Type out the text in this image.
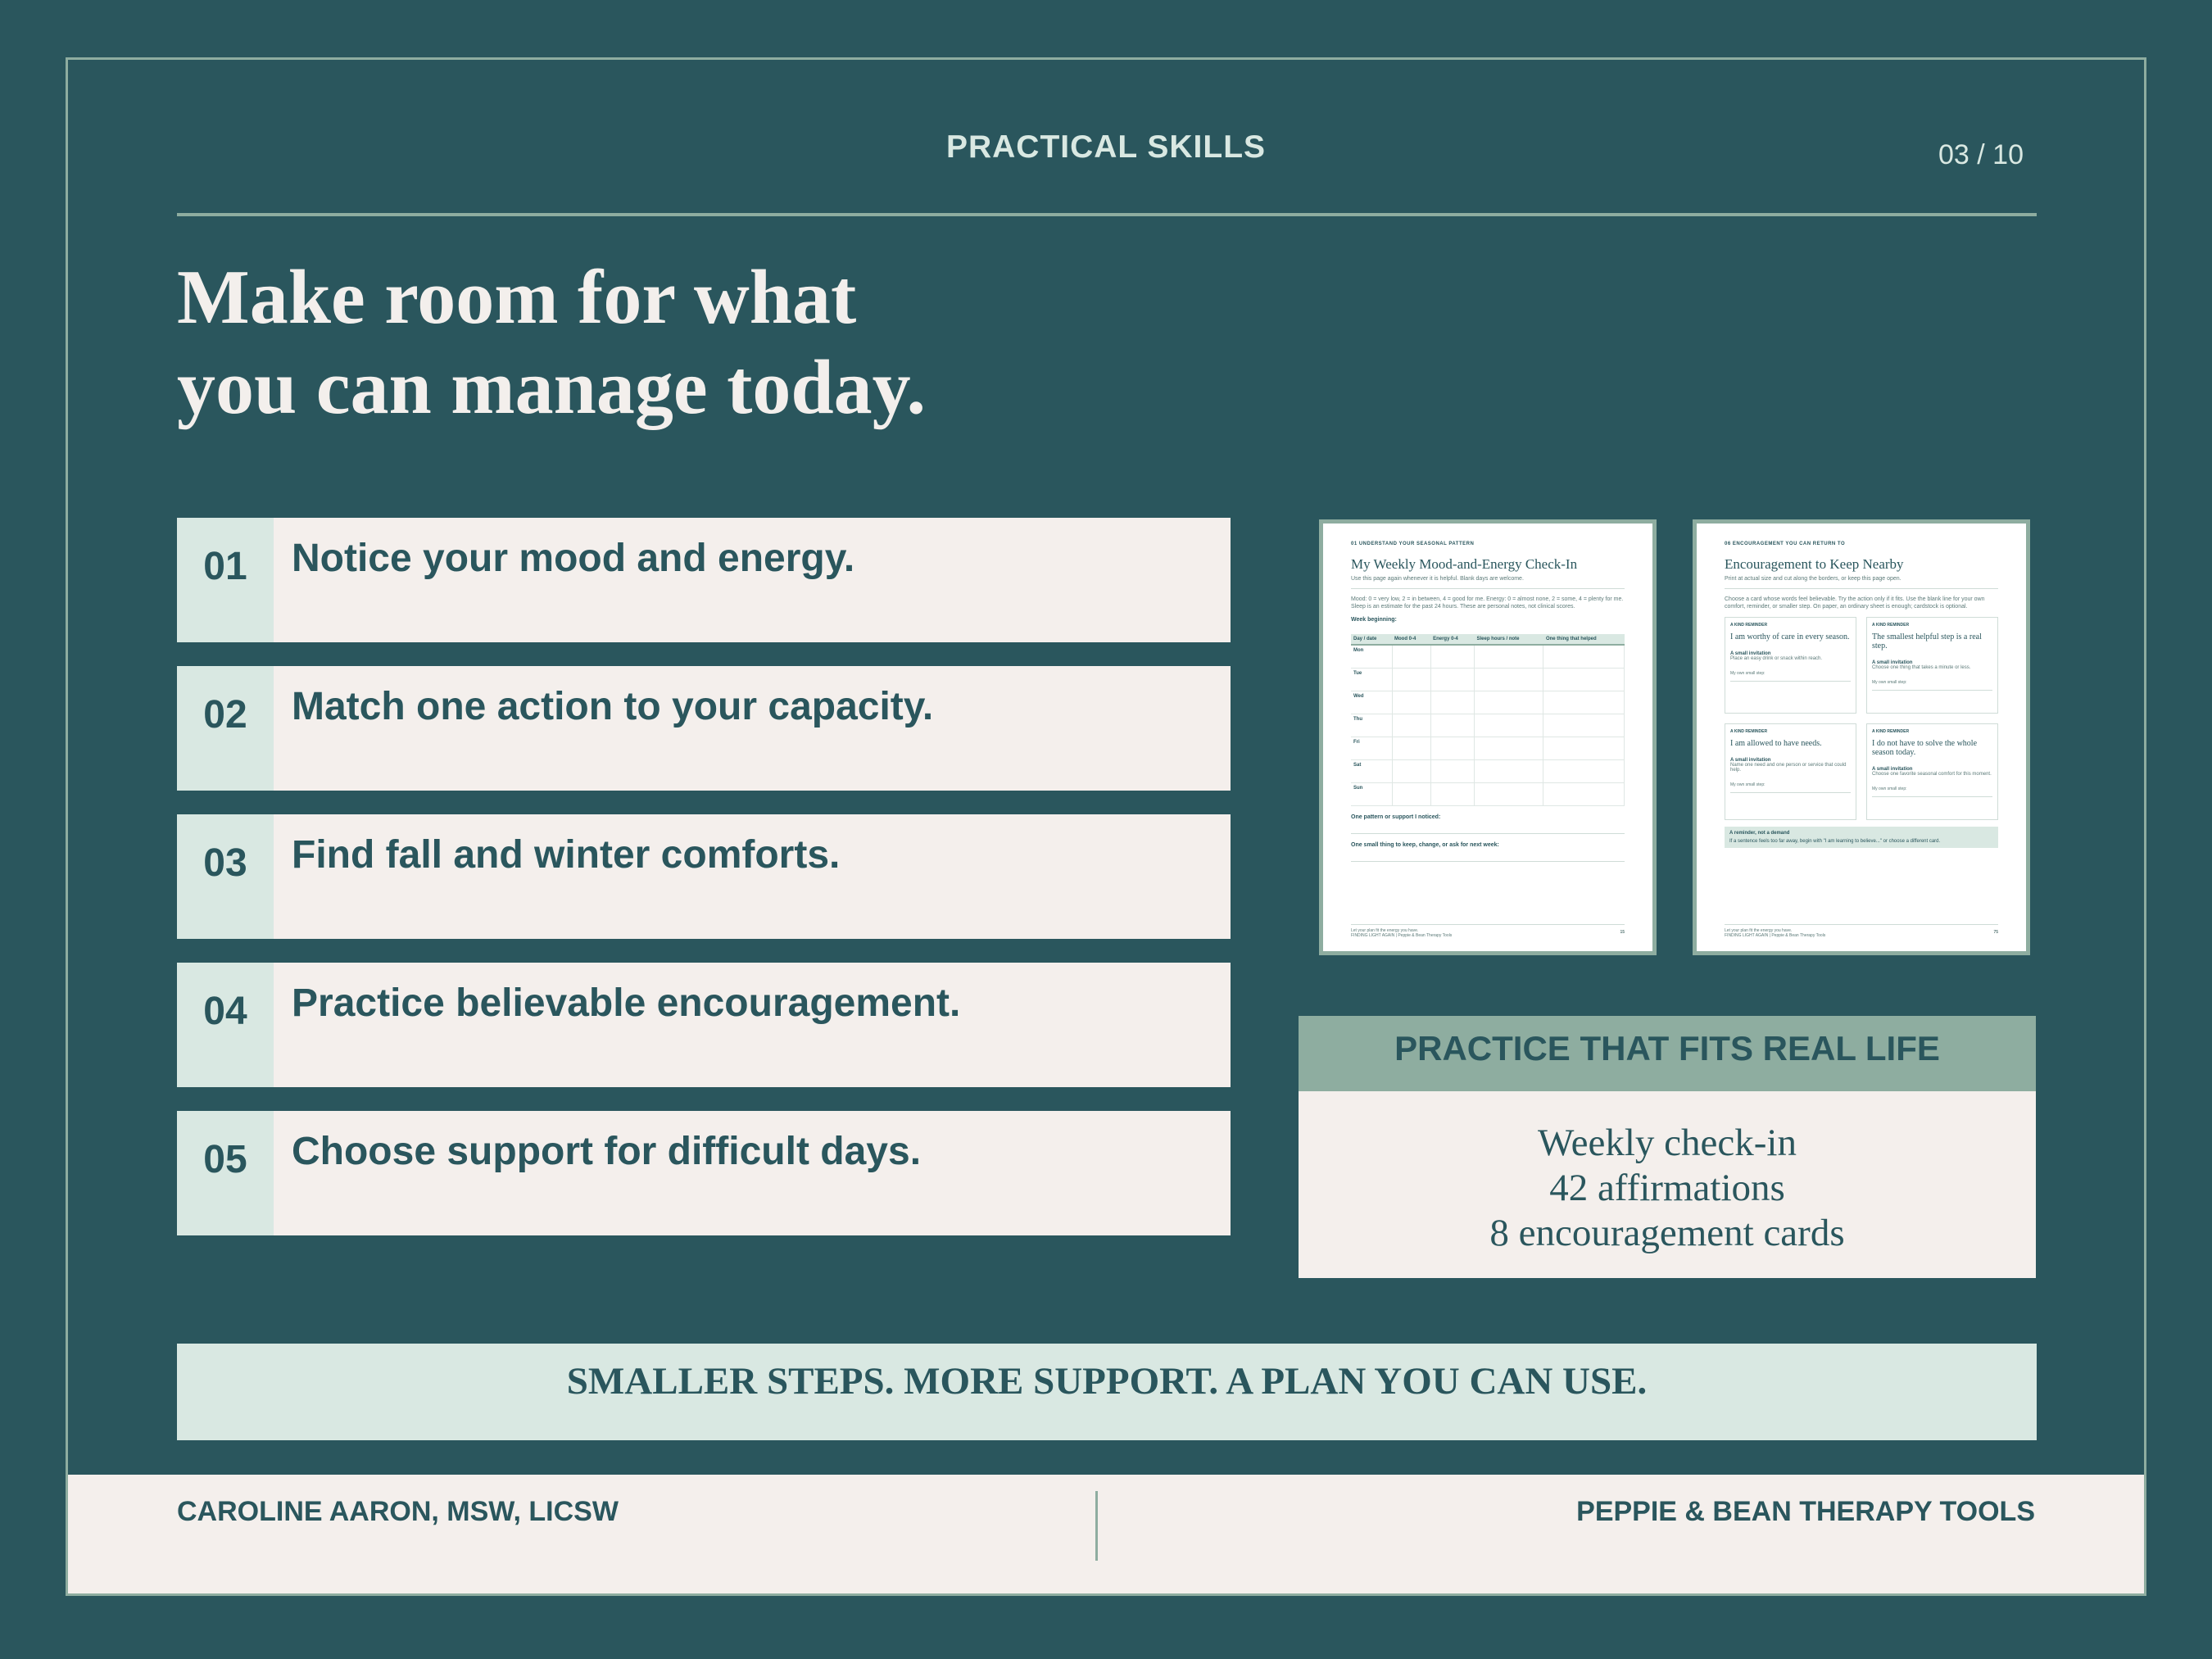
PRACTICAL SKILLS	03 / 10
Make room for what
you can manage today.
01	Notice your mood and energy.
02	Match one action to your capacity.
03	Find fall and winter comforts.
04	Practice believable encouragement.
05	Choose support for difficult days.
01 UNDERSTAND YOUR SEASONAL PATTERN
My Weekly Mood-and-Energy Check-In
Use this page again whenever it is helpful. Blank days are welcome.
Mood: 0 = very low, 2 = in between, 4 = good for me. Energy: 0 = almost none, 2 = some, 4 = plenty for me. Sleep is an estimate for the past 24 hours. These are personal notes, not clinical scores.
Week beginning:
Day / date	Mood 0-4	Energy 0-4	Sleep hours / note	One thing that helped
Mon				
Tue				
Wed				
Thu				
Fri				
Sat				
Sun				
One pattern or support I noticed:
One small thing to keep, change, or ask for next week:
Let your plan fit the energy you have.
FINDING LIGHT AGAIN | Peppie & Bean Therapy Tools
15
06 ENCOURAGEMENT YOU CAN RETURN TO
Encouragement to Keep Nearby
Print at actual size and cut along the borders, or keep this page open.
Choose a card whose words feel believable. Try the action only if it fits. Use the blank line for your own comfort, reminder, or smaller step. On paper, an ordinary sheet is enough; cardstock is optional.
A KIND REMINDER
I am worthy of care in every season.
A small invitation
Place an easy drink or snack within reach.
My own small step:
A KIND REMINDER
The smallest helpful step is a real step.
A small invitation
Choose one thing that takes a minute or less.
My own small step:
A KIND REMINDER
I am allowed to have needs.
A small invitation
Name one need and one person or service that could help.
My own small step:
A KIND REMINDER
I do not have to solve the whole season today.
A small invitation
Choose one favorite seasonal comfort for this moment.
My own small step:
A reminder, not a demand
If a sentence feels too far away, begin with "I am learning to believe..." or choose a different card.
Let your plan fit the energy you have.
FINDING LIGHT AGAIN | Peppie & Bean Therapy Tools
75
PRACTICE THAT FITS REAL LIFE
Weekly check-in
42 affirmations
8 encouragement cards
SMALLER STEPS. MORE SUPPORT. A PLAN YOU CAN USE.
CAROLINE AARON, MSW, LICSW	PEPPIE & BEAN THERAPY TOOLS
